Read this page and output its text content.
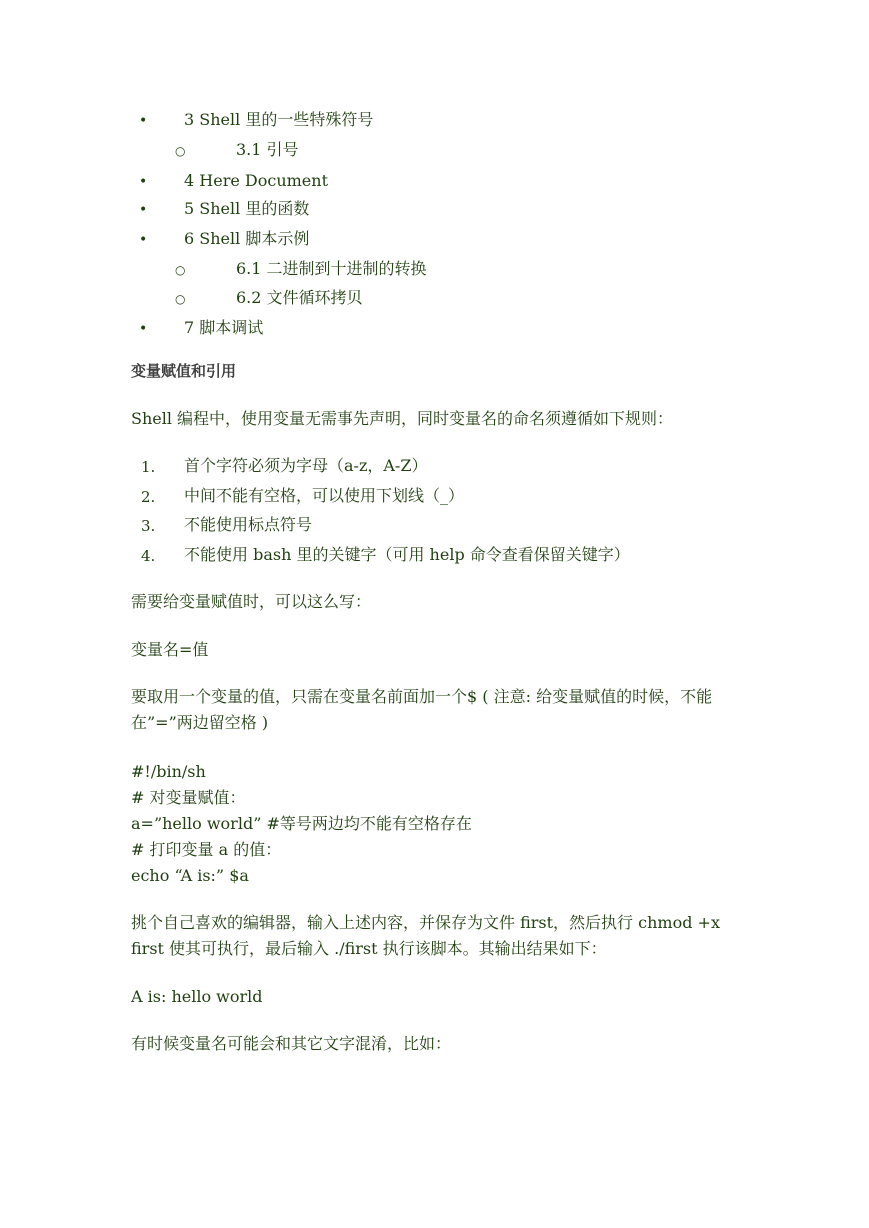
• 3 Shell 里的一些特殊符号
○	3.1 引号
• 4 Here Document
• 5 Shell 里的函数
• 6 Shell 脚本示例
○	6.1 二进制到十进制的转换
○	6.2 文件循环拷贝
• 7 脚本调试
变量赋值和引用
Shell 编程中，使用变量无需事先声明，同时变量名的命名须遵循如下规则：
1. 首个字符必须为字母（a-z，A-Z）
2. 中间不能有空格，可以使用下划线（_）
3. 不能使用标点符号
4. 不能使用 bash 里的关键字（可用 help 命令查看保留关键字）
需要给变量赋值时，可以这么写：
变量名=值
要取用一个变量的值，只需在变量名前面加一个$ ( 注意: 给变量赋值的时候，不能
在”=”两边留空格 )
#!/bin/sh
# 对变量赋值：
a=”hello world” #等号两边均不能有空格存在
# 打印变量 a 的值：
echo “A is:” $a
挑个自己喜欢的编辑器，输入上述内容，并保存为文件 first，然后执行 chmod +x
first 使其可执行，最后输入 ./first 执行该脚本。其输出结果如下：
A is: hello world
有时候变量名可能会和其它文字混淆，比如：
